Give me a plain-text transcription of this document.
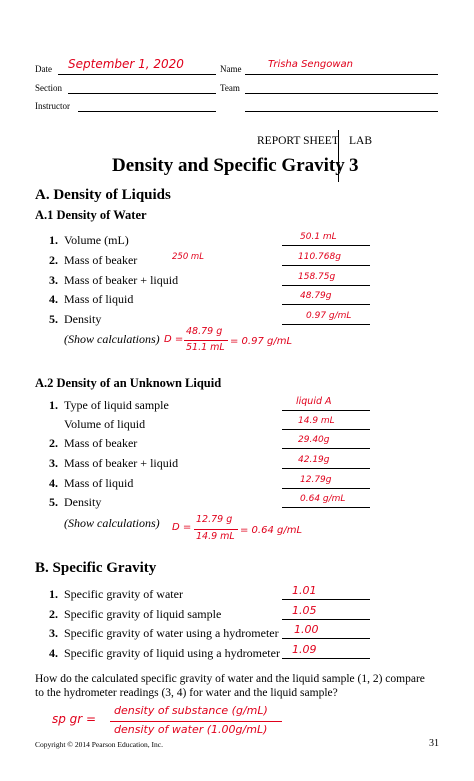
Date September 1, 2020	Name	Trisha Sengowan
Section	Team
Instructor
REPORT SHEET LAB
Density and Specific Gravity 3
A. Density of Liquids
A.1 Density of Water
1. Volume (mL)	50.1 mL
2. Mass of beaker	250 mL	110.768g
3. Mass of beaker + liquid	158.75g
4. Mass of liquid	48.79g
5. Density	0.97 g/mL
(Show calculations) D =
48.79 g
51.1 mL
= 0.97 g/mL
A.2 Density of an Unknown Liquid
1. Type of liquid sample	liquid A
Volume of liquid	14.9 mL
2. Mass of beaker	29.40g
3. Mass of beaker + liquid	42.19g
4. Mass of liquid	12.79g
5. Density	0.64 g/mL
(Show calculations) D =
12.79 g
14.9 mL
= 0.64 g/mL
B. Specific Gravity
1. Specific gravity of water	1.01
2. Specific gravity of liquid sample	1.05
3. Specific gravity of water using a hydrometer 1.00
4. Specific gravity of liquid using a hydrometer 1.09
How do the calculated specific gravity of water and the liquid sample (1, 2) compare
to the hydrometer readings (3, 4) for water and the liquid sample?
sp gr =
density of substance (g/mL)
density of water (1.00g/mL)
Copyright © 2014 Pearson Education, Inc.	31
